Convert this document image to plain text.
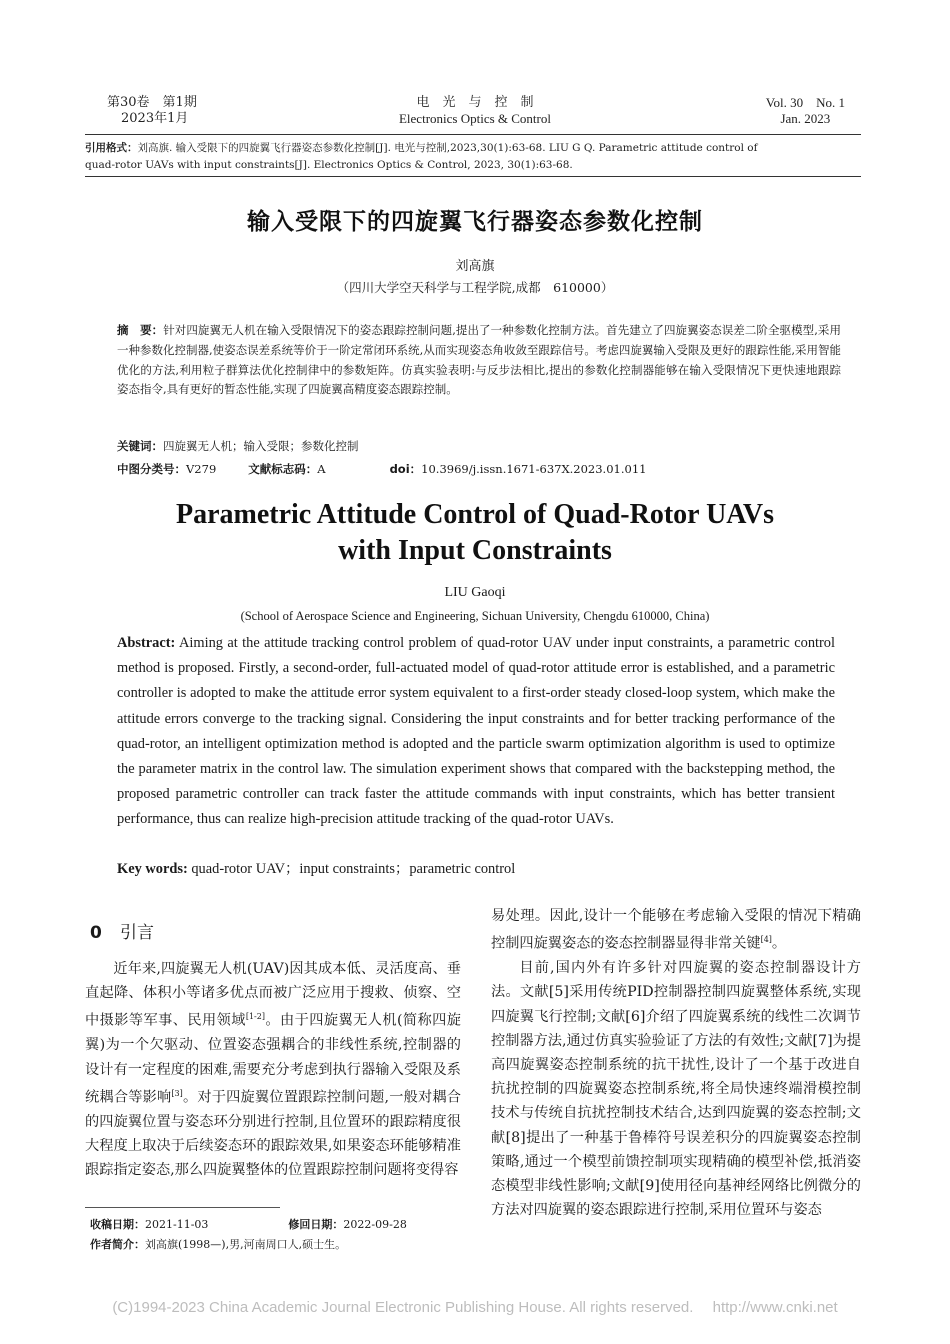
第30卷　第1期
2023年1月
电　光　与　控　制
Electronics Optics & Control
Vol. 30　No. 1
Jan. 2023
引用格式：刘高旗. 输入受限下的四旋翼飞行器姿态参数化控制[J]. 电光与控制,2023,30(1):63-68. LIU G Q. Parametric attitude control of
quad-rotor UAVs with input constraints[J]. Electronics Optics & Control, 2023, 30(1):63-68.
输入受限下的四旋翼飞行器姿态参数化控制
刘高旗
（四川大学空天科学与工程学院,成都　610000）
摘　要：针对四旋翼无人机在输入受限情况下的姿态跟踪控制问题,提出了一种参数化控制方法。首先建立了四旋翼姿态误差二阶全驱模型,采用一种参数化控制器,使姿态误差系统等价于一阶定常闭环系统,从而实现姿态角收敛至跟踪信号。考虑四旋翼输入受限及更好的跟踪性能,采用智能优化的方法,利用粒子群算法优化控制律中的参数矩阵。仿真实验表明:与反步法相比,提出的参数化控制器能够在输入受限情况下更快速地跟踪姿态指令,具有更好的暂态性能,实现了四旋翼高精度姿态跟踪控制。
关键词：四旋翼无人机；输入受限；参数化控制
中图分类号：V279	文献标志码：A	doi：10.3969/j.issn.1671-637X.2023.01.011
Parametric Attitude Control of Quad-Rotor UAVs
with Input Constraints
LIU Gaoqi
(School of Aerospace Science and Engineering, Sichuan University, Chengdu 610000, China)
Abstract: Aiming at the attitude tracking control problem of quad-rotor UAV under input constraints, a parametric control method is proposed. Firstly, a second-order, full-actuated model of quad-rotor attitude error is established, and a parametric controller is adopted to make the attitude error system equivalent to a first-order steady closed-loop system, which make the attitude errors converge to the tracking signal. Considering the input constraints and for better tracking performance of the quad-rotor, an intelligent optimization method is adopted and the particle swarm optimization algorithm is used to optimize the parameter matrix in the control law. The simulation experiment shows that compared with the backstepping method, the proposed parametric controller can track faster the attitude commands with input constraints, which has better transient performance, thus can realize high-precision attitude tracking of the quad-rotor UAVs.
Key words: quad-rotor UAV；input constraints；parametric control
0 引言

近年来,四旋翼无人机(UAV)因其成本低、灵活度高、垂直起降、体积小等诸多优点而被广泛应用于搜救、侦察、空中摄影等军事、民用领域[1-2]。由于四旋翼无人机(简称四旋翼)为一个欠驱动、位置姿态强耦合的非线性系统,控制器的设计有一定程度的困难,需要充分考虑到执行器输入受限及系统耦合等影响[3]。对于四旋翼位置跟踪控制问题,一般对耦合的四旋翼位置与姿态环分别进行控制,且位置环的跟踪精度很大程度上取决于后续姿态环的跟踪效果,如果姿态环能够精准跟踪指定姿态,那么四旋翼整体的位置跟踪控制问题将变得容

易处理。因此,设计一个能够在考虑输入受限的情况下精确控制四旋翼姿态的姿态控制器显得非常关键[4]。

目前,国内外有许多针对四旋翼的姿态控制器设计方法。文献[5]采用传统PID控制器控制四旋翼整体系统,实现四旋翼飞行控制;文献[6]介绍了四旋翼系统的线性二次调节控制器方法,通过仿真实验验证了方法的有效性;文献[7]为提高四旋翼姿态控制系统的抗干扰性,设计了一个基于改进自抗扰控制的四旋翼姿态控制系统,将全局快速终端滑模控制技术与传统自抗扰控制技术结合,达到四旋翼的姿态控制;文献[8]提出了一种基于鲁棒符号误差积分的四旋翼姿态控制策略,通过一个模型前馈控制项实现精确的模型补偿,抵消姿态模型非线性影响;文献[9]使用径向基神经网络比例微分的方法对四旋翼的姿态跟踪进行控制,采用位置环与姿态

收稿日期：2021-11-03	修回日期：2022-09-28
作者简介：刘高旗(1998—),男,河南周口人,硕士生。
(C)1994-2023 China Academic Journal Electronic Publishing House. All rights reserved.　 http://www.cnki.net
